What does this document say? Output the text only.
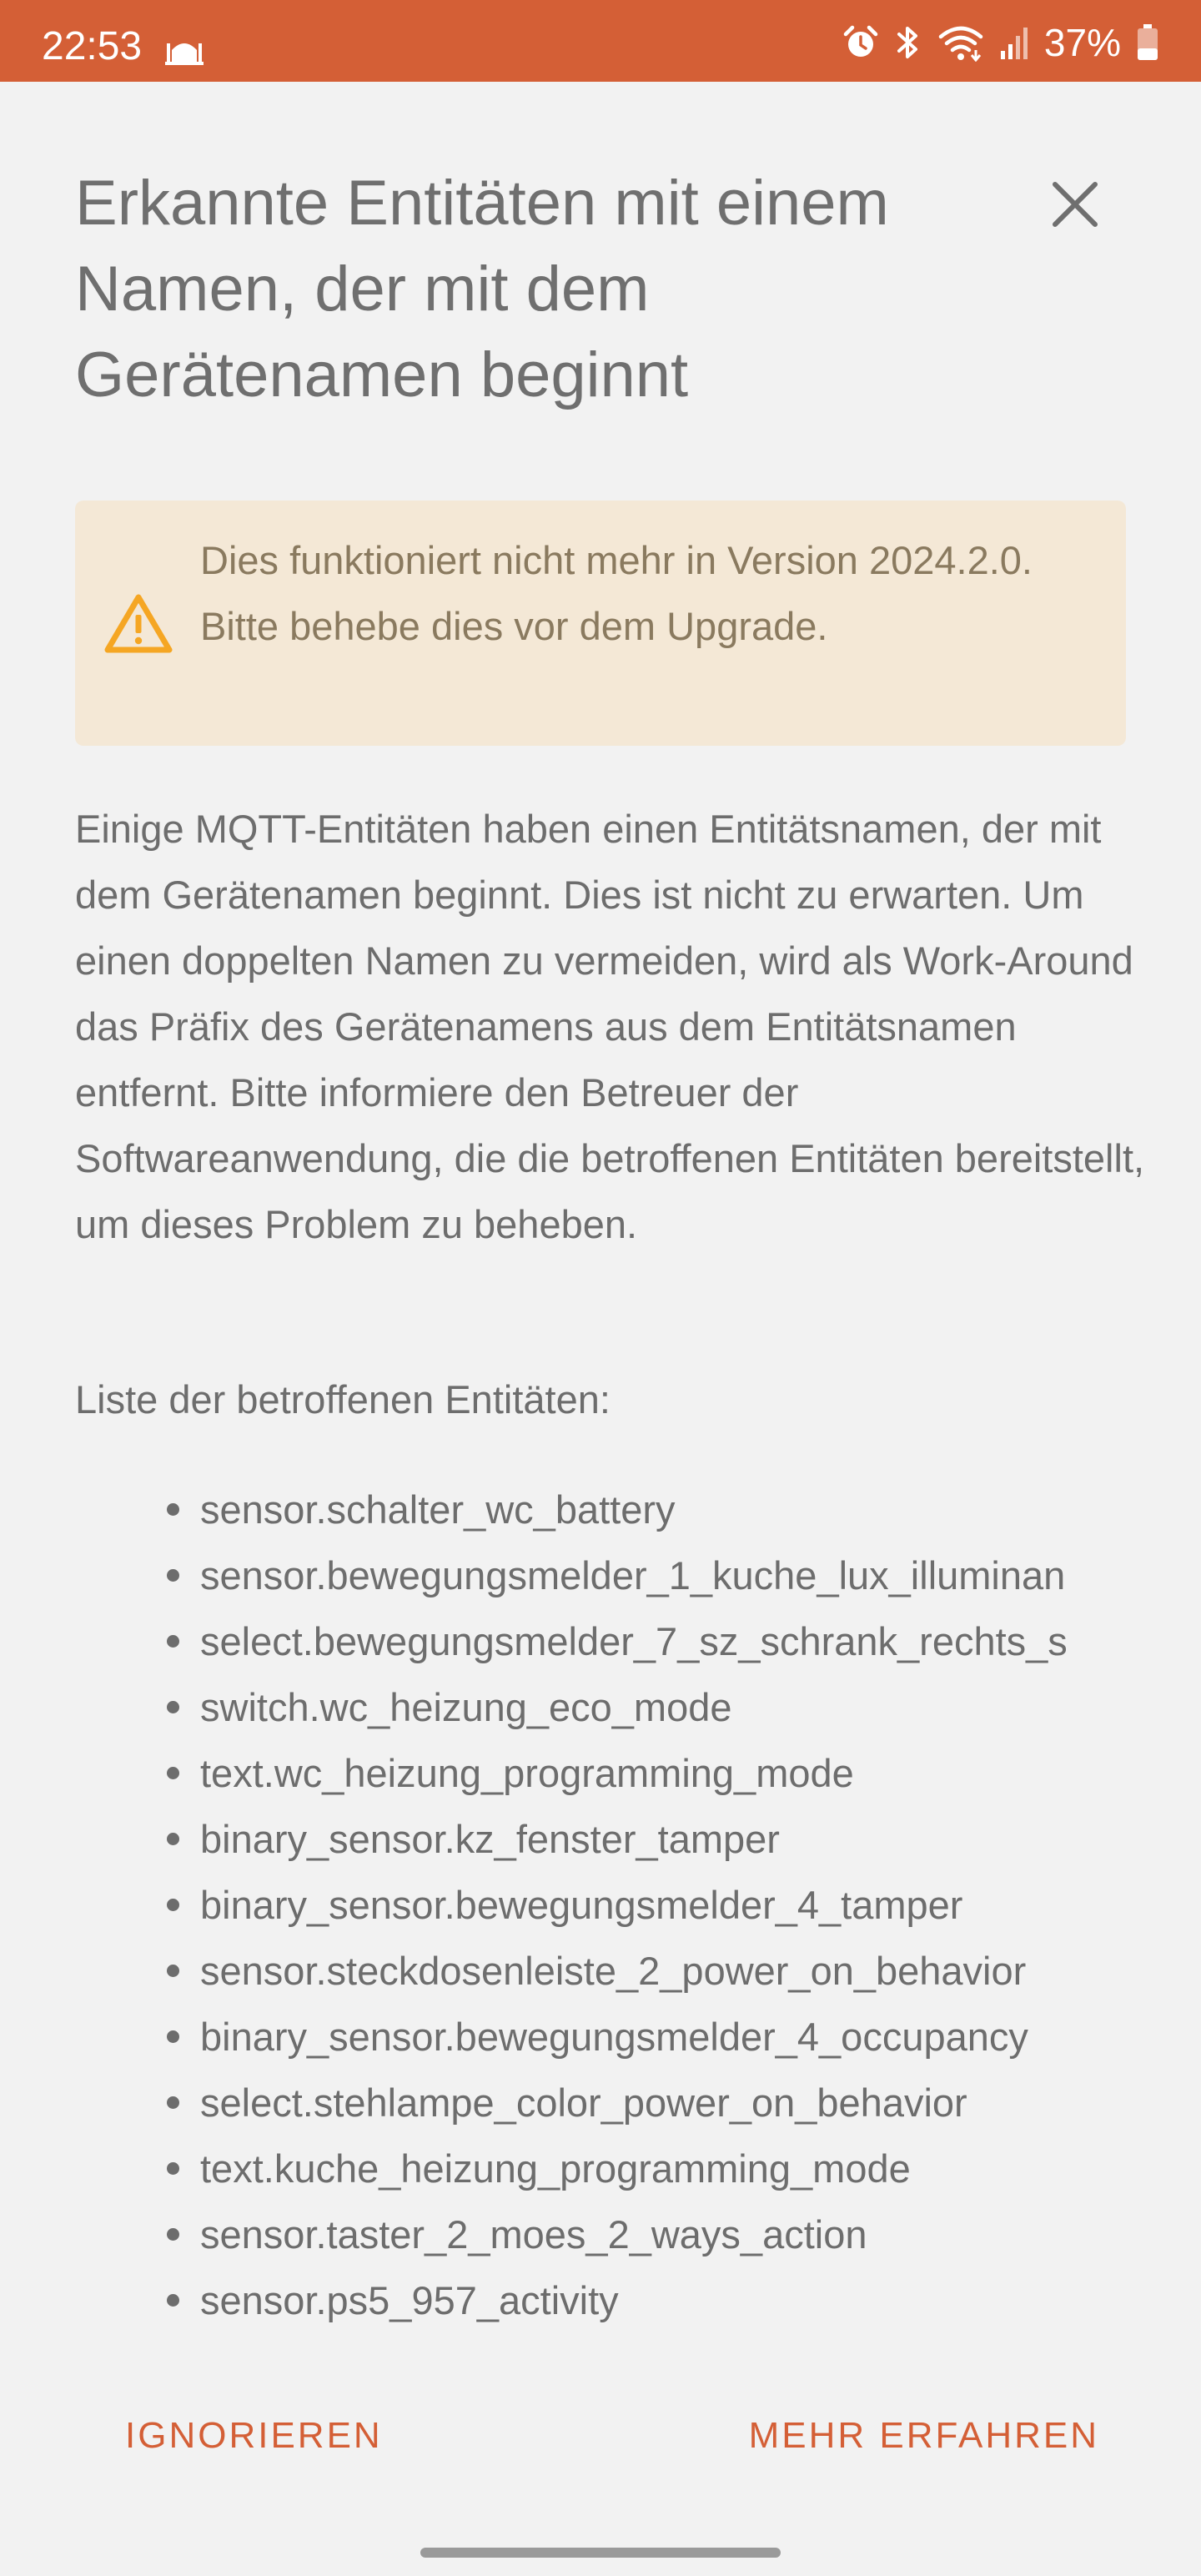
22:53	37%
Erkannte Entitäten mit einem Namen, der mit dem Gerätenamen beginnt
Dies funktioniert nicht mehr in Version 2024.2.0. Bitte behebe dies vor dem Upgrade.

Einige MQTT-Entitäten haben einen Entitätsnamen, der mit dem Gerätenamen beginnt. Dies ist nicht zu erwarten. Um einen doppelten Namen zu vermeiden, wird als Work-Around das Präfix des Gerätenamens aus dem Entitätsnamen entfernt. Bitte informiere den Betreuer der Softwareanwendung, die die betroffenen Entitäten bereitstellt, um dieses Problem zu beheben.

Liste der betroffenen Entitäten:
sensor.schalter_wc_battery
sensor.bewegungsmelder_1_kuche_lux_illuminan
select.bewegungsmelder_7_sz_schrank_rechts_s
switch.wc_heizung_eco_mode
text.wc_heizung_programming_mode
binary_sensor.kz_fenster_tamper
binary_sensor.bewegungsmelder_4_tamper
sensor.steckdosenleiste_2_power_on_behavior
binary_sensor.bewegungsmelder_4_occupancy
select.stehlampe_color_power_on_behavior
text.kuche_heizung_programming_mode
sensor.taster_2_moes_2_ways_action
sensor.ps5_957_activity
IGNORIEREN	MEHR ERFAHREN
